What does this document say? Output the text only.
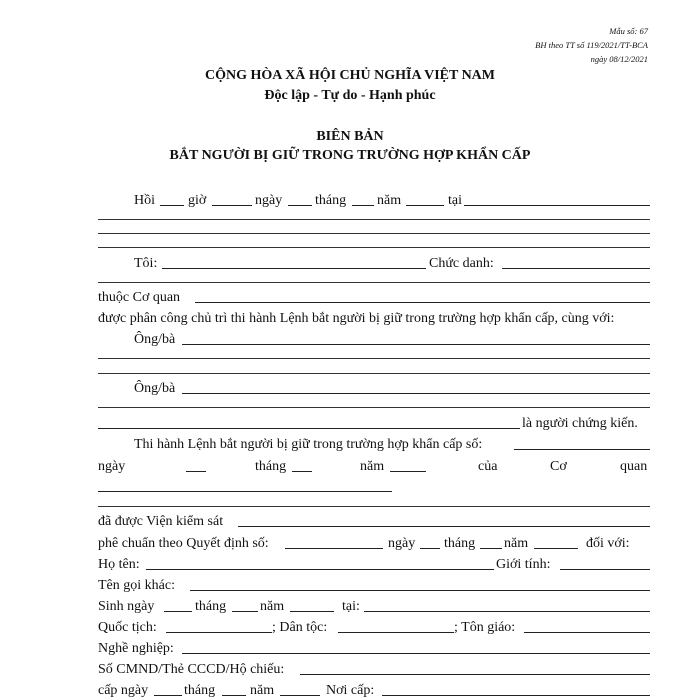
Mẫu số: 67
BH theo TT số 119/2021/TT-BCA
ngày 08/12/2021
CỘNG HÒA XÃ HỘI CHỦ NGHĨA VIỆT NAM
Độc lập - Tự do - Hạnh phúc
BIÊN BẢN
BẮT NGƯỜI BỊ GIỮ TRONG TRƯỜNG HỢP KHẨN CẤP
Hồi giờ	ngày tháng năm	tại
Tôi:	Chức danh:
thuộc Cơ quan
được phân công chủ trì thi hành Lệnh bắt người bị giữ trong trường hợp khẩn cấp, cùng với:
Ông/bà
Ông/bà
là người chứng kiến.
Thi hành Lệnh bắt người bị giữ trong trường hợp khẩn cấp số:
ngày	tháng	năm	của	Cơ	quan
đã được Viện kiểm sát
phê chuẩn theo Quyết định số:	ngày tháng năm	đối với:
Họ tên:	Giới tính:
Tên gọi khác:
Sinh ngày	tháng năm	tại:
Quốc tịch:	; Dân tộc:	; Tôn giáo:
Nghề nghiệp:
Số CMND/Thẻ CCCD/Hộ chiếu:
cấp ngày	tháng năm	Nơi cấp:
